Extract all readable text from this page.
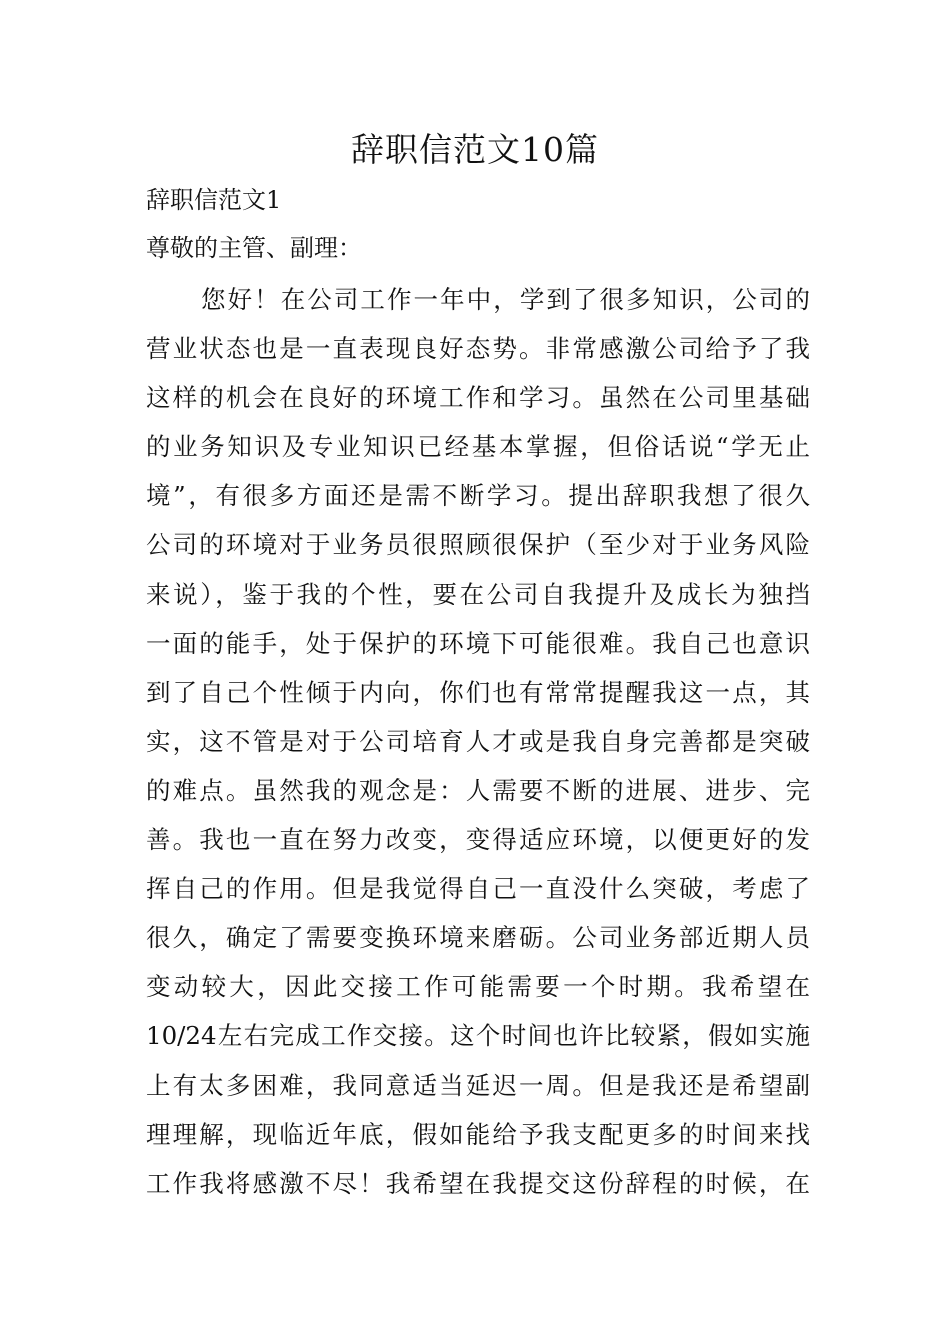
辞职信范文10篇

辞职信范文1

尊敬的主管、副理：

您好！在公司工作一年中，学到了很多知识，公司的
营业状态也是一直表现良好态势。非常感激公司给予了我
这样的机会在良好的环境工作和学习。虽然在公司里基础
的业务知识及专业知识已经基本掌握，但俗话说“学无止
境”，有很多方面还是需不断学习。提出辞职我想了很久
公司的环境对于业务员很照顾很保护（至少对于业务风险
来说），鉴于我的个性，要在公司自我提升及成长为独挡
一面的能手，处于保护的环境下可能很难。我自己也意识
到了自己个性倾于内向，你们也有常常提醒我这一点，其
实，这不管是对于公司培育人才或是我自身完善都是突破
的难点。虽然我的观念是：人需要不断的进展、进步、完
善。我也一直在努力改变，变得适应环境，以便更好的发
挥自己的作用。但是我觉得自己一直没什么突破，考虑了
很久，确定了需要变换环境来磨砺。公司业务部近期人员
变动较大，因此交接工作可能需要一个时期。我希望在
10/24左右完成工作交接。这个时间也许比较紧，假如实施
上有太多困难，我同意适当延迟一周。但是我还是希望副
理理解，现临近年底，假如能给予我支配更多的时间来找
工作我将感激不尽！我希望在我提交这份辞程的时候，在
